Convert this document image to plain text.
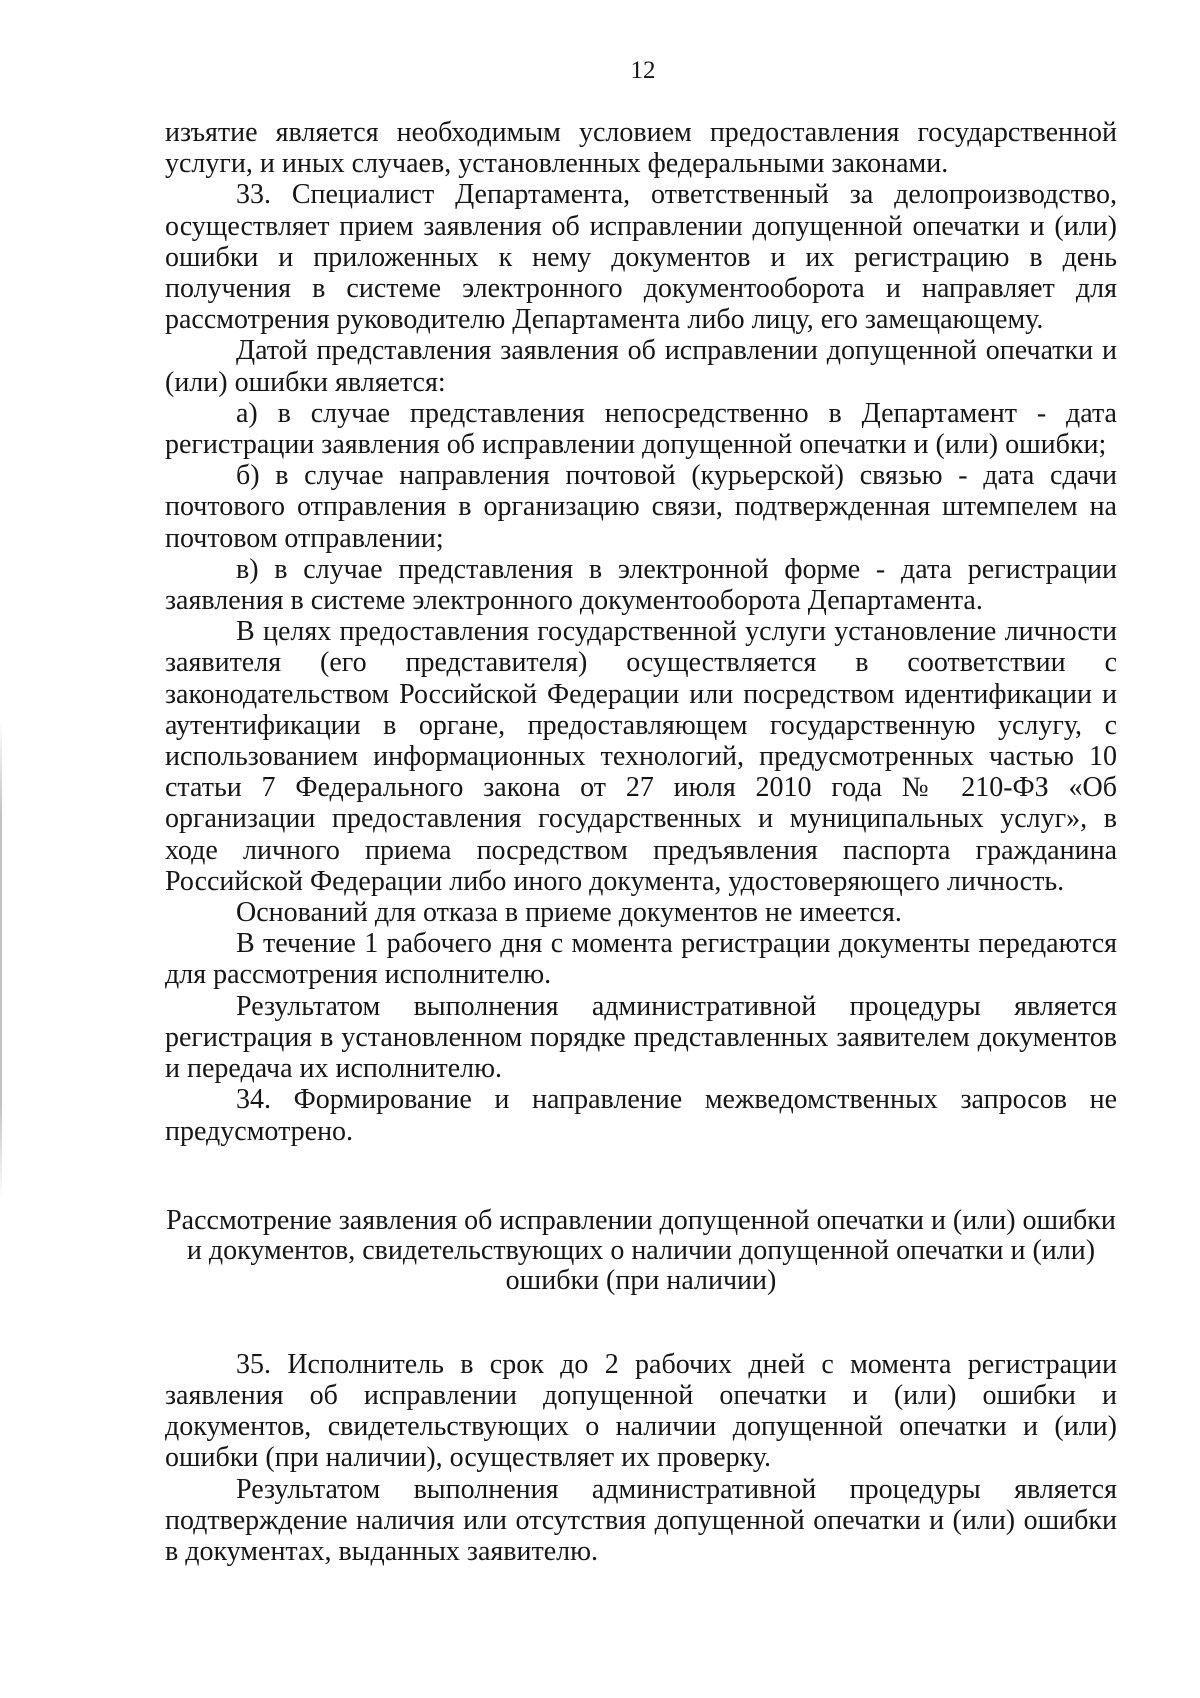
12

изъятие является необходимым условием предоставления государственной услуги, и иных случаев, установленных федеральными законами.

33. Специалист Департамента, ответственный за делопроизводство, осуществляет прием заявления об исправлении допущенной опечатки и (или) ошибки и приложенных к нему документов и их регистрацию в день получения в системе электронного документооборота и направляет для рассмотрения руководителю Департамента либо лицу, его замещающему.

Датой представления заявления об исправлении допущенной опечатки и (или) ошибки является:

а) в случае представления непосредственно в Департамент - дата регистрации заявления об исправлении допущенной опечатки и (или) ошибки;

б) в случае направления почтовой (курьерской) связью - дата сдачи почтового отправления в организацию связи, подтвержденная штемпелем на почтовом отправлении;

в) в случае представления в электронной форме - дата регистрации заявления в системе электронного документооборота Департамента.

В целях предоставления государственной услуги установление личности заявителя (его представителя) осуществляется в соответствии с законодательством Российской Федерации или посредством идентификации и аутентификации в органе, предоставляющем государственную услугу, с использованием информационных технологий, предусмотренных частью 10 статьи 7 Федерального закона от 27 июля 2010 года № 210-ФЗ «Об организации предоставления государственных и муниципальных услуг», в ходе личного приема посредством предъявления паспорта гражданина Российской Федерации либо иного документа, удостоверяющего личность.

Оснований для отказа в приеме документов не имеется.

В течение 1 рабочего дня с момента регистрации документы передаются для рассмотрения исполнителю.

Результатом выполнения административной процедуры является регистрация в установленном порядке представленных заявителем документов и передача их исполнителю.

34. Формирование и направление межведомственных запросов не предусмотрено.

Рассмотрение заявления об исправлении допущенной опечатки и (или) ошибки
и документов, свидетельствующих о наличии допущенной опечатки и (или)
ошибки (при наличии)

35. Исполнитель в срок до 2 рабочих дней с момента регистрации заявления об исправлении допущенной опечатки и (или) ошибки и документов, свидетельствующих о наличии допущенной опечатки и (или) ошибки (при наличии), осуществляет их проверку.

Результатом выполнения административной процедуры является подтверждение наличия или отсутствия допущенной опечатки и (или) ошибки в документах, выданных заявителю.
